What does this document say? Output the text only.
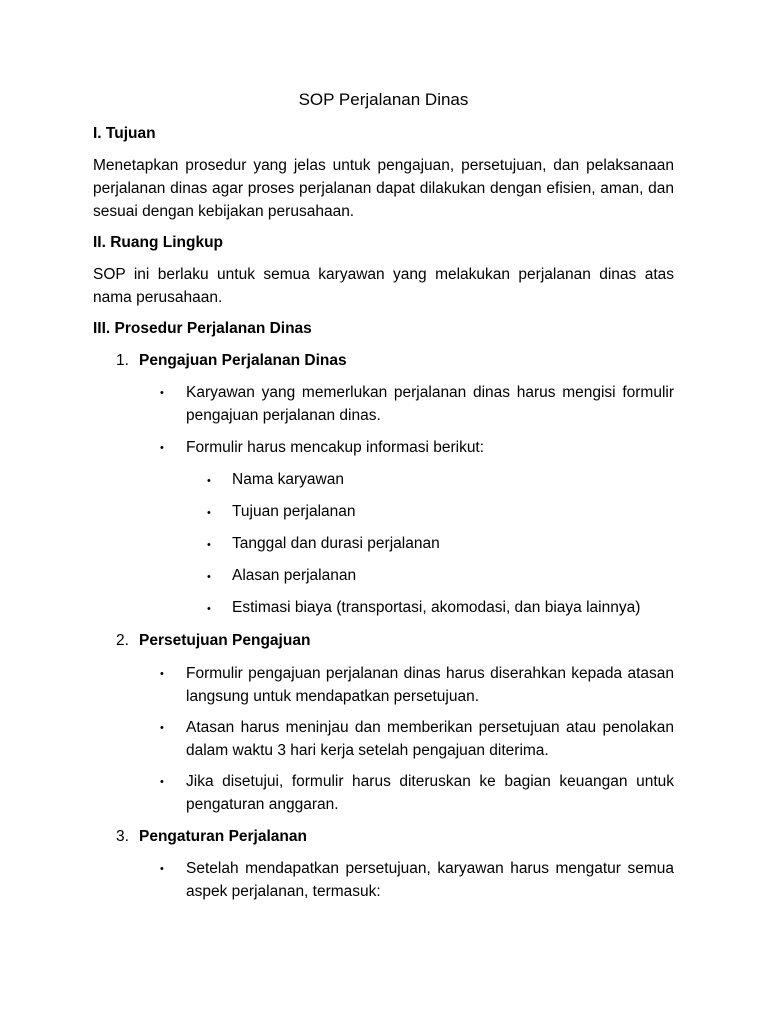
SOP Perjalanan Dinas
I. Tujuan
Menetapkan prosedur yang jelas untuk pengajuan, persetujuan, dan pelaksanaan perjalanan dinas agar proses perjalanan dapat dilakukan dengan efisien, aman, dan sesuai dengan kebijakan perusahaan.
II. Ruang Lingkup
SOP ini berlaku untuk semua karyawan yang melakukan perjalanan dinas atas nama perusahaan.
III. Prosedur Perjalanan Dinas
1. Pengajuan Perjalanan Dinas
• Karyawan yang memerlukan perjalanan dinas harus mengisi formulir pengajuan perjalanan dinas.
• Formulir harus mencakup informasi berikut:
• Nama karyawan
• Tujuan perjalanan
• Tanggal dan durasi perjalanan
• Alasan perjalanan
• Estimasi biaya (transportasi, akomodasi, dan biaya lainnya)
2. Persetujuan Pengajuan
• Formulir pengajuan perjalanan dinas harus diserahkan kepada atasan langsung untuk mendapatkan persetujuan.
• Atasan harus meninjau dan memberikan persetujuan atau penolakan dalam waktu 3 hari kerja setelah pengajuan diterima.
• Jika disetujui, formulir harus diteruskan ke bagian keuangan untuk pengaturan anggaran.
3. Pengaturan Perjalanan
• Setelah mendapatkan persetujuan, karyawan harus mengatur semua aspek perjalanan, termasuk:
